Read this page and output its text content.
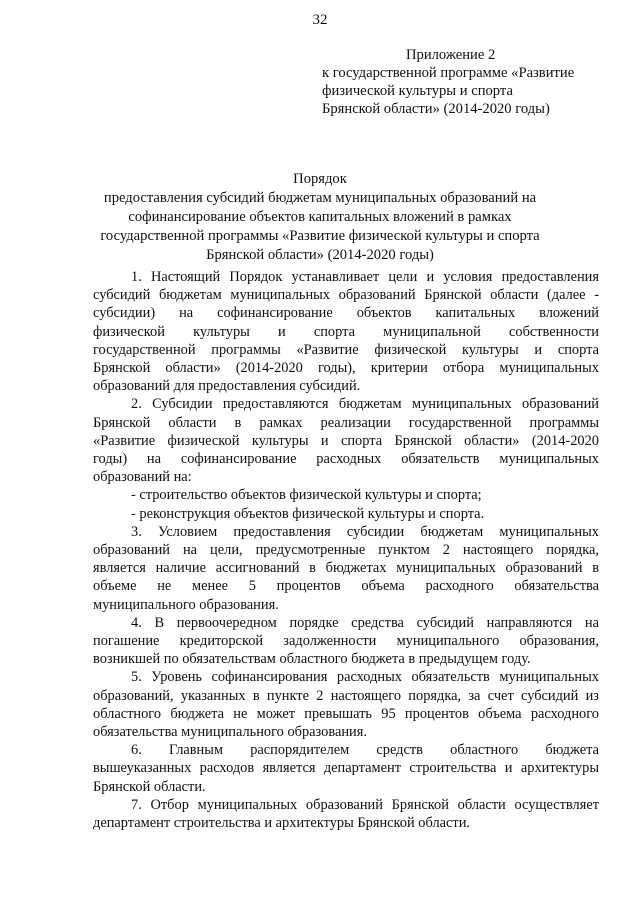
32
Приложение 2
к государственной программе «Развитие
физической культуры и спорта
Брянской области» (2014-2020 годы)
Порядок
предоставления субсидий бюджетам муниципальных образований на
софинансирование объектов капитальных вложений в рамках
государственной программы «Развитие физической культуры и спорта
Брянской области» (2014-2020 годы)

1. Настоящий Порядок устанавливает цели и условия предоставления
субсидий бюджетам муниципальных образований Брянской области (далее -
субсидии) на софинансирование объектов капитальных вложений
физической культуры и спорта муниципальной собственности
государственной программы «Развитие физической культуры и спорта
Брянской области» (2014-2020 годы), критерии отбора муниципальных
образований для предоставления субсидий.

2. Субсидии предоставляются бюджетам муниципальных образований
Брянской области в рамках реализации государственной программы
«Развитие физической культуры и спорта Брянской области» (2014-2020
годы) на софинансирование расходных обязательств муниципальных
образований на:

- строительство объектов физической культуры и спорта;

- реконструкция объектов физической культуры и спорта.

3. Условием предоставления субсидии бюджетам муниципальных
образований на цели, предусмотренные пунктом 2 настоящего порядка,
является наличие ассигнований в бюджетах муниципальных образований в
объеме не менее 5 процентов объема расходного обязательства
муниципального образования.

4. В первоочередном порядке средства субсидий направляются на
погашение кредиторской задолженности муниципального образования,
возникшей по обязательствам областного бюджета в предыдущем году.

5. Уровень софинансирования расходных обязательств муниципальных
образований, указанных в пункте 2 настоящего порядка, за счет субсидий из
областного бюджета не может превышать 95 процентов объема расходного
обязательства муниципального образования.

6. Главным распорядителем средств областного бюджета
вышеуказанных расходов является департамент строительства и архитектуры
Брянской области.

7. Отбор муниципальных образований Брянской области осуществляет
департамент строительства и архитектуры Брянской области.
